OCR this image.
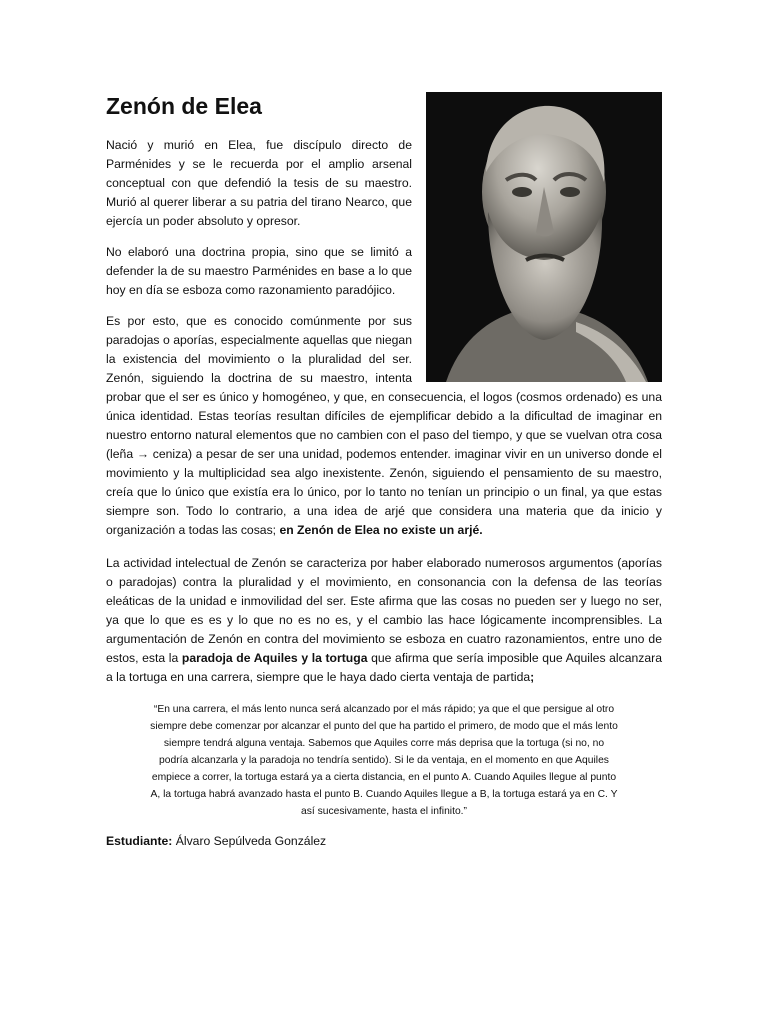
Zenón de Elea

Nació y murió en Elea, fue discípulo directo de Parménides y se le recuerda por el amplio arsenal conceptual con que defendió la tesis de su maestro. Murió al querer liberar a su patria del tirano Nearco, que ejercía un poder absoluto y opresor.

No elaboró una doctrina propia, sino que se limitó a defender la de su maestro Parménides en base a lo que hoy en día se esboza como razonamiento paradójico.

Es por esto, que es conocido comúnmente por sus paradojas o aporías, especialmente aquellas que niegan la existencia del movimiento o la pluralidad del ser. Zenón, siguiendo la doctrina de su maestro, intenta probar que el ser es único y homogéneo, y que, en consecuencia, el logos (cosmos ordenado) es una única identidad. Estas teorías resultan difíciles de ejemplificar debido a la dificultad de imaginar en nuestro entorno natural elementos que no cambien con el paso del tiempo, y que se vuelvan otra cosa (leña → ceniza) a pesar de ser una unidad, podemos entender. imaginar vivir en un universo donde el movimiento y la multiplicidad sea algo inexistente. Zenón, siguiendo el pensamiento de su maestro, creía que lo único que existía era lo único, por lo tanto no tenían un principio o un final, ya que estas siempre son. Todo lo contrario, a una idea de arjé que considera una materia que da inicio y organización a todas las cosas; en Zenón de Elea no existe un arjé.

La actividad intelectual de Zenón se caracteriza por haber elaborado numerosos argumentos (aporías o paradojas) contra la pluralidad y el movimiento, en consonancia con la defensa de las teorías eleáticas de la unidad e inmovilidad del ser. Este afirma que las cosas no pueden ser y luego no ser, ya que lo que es es y lo que no es no es, y el cambio las hace lógicamente incomprensibles. La argumentación de Zenón en contra del movimiento se esboza en cuatro razonamientos, entre uno de estos, esta la paradoja de Aquiles y la tortuga que afirma que sería imposible que Aquiles alcanzara a la tortuga en una carrera, siempre que le haya dado cierta ventaja de partida;

“En una carrera, el más lento nunca será alcanzado por el más rápido; ya que el que persigue al otro siempre debe comenzar por alcanzar el punto del que ha partido el primero, de modo que el más lento siempre tendrá alguna ventaja. Sabemos que Aquiles corre más deprisa que la tortuga (si no, no podría alcanzarla y la paradoja no tendría sentido). Si le da ventaja, en el momento en que Aquiles empiece a correr, la tortuga estará ya a cierta distancia, en el punto A. Cuando Aquiles llegue al punto A, la tortuga habrá avanzado hasta el punto B. Cuando Aquiles llegue a B, la tortuga estará ya en C. Y así sucesivamente, hasta el infinito.”

Estudiante: Álvaro Sepúlveda González
